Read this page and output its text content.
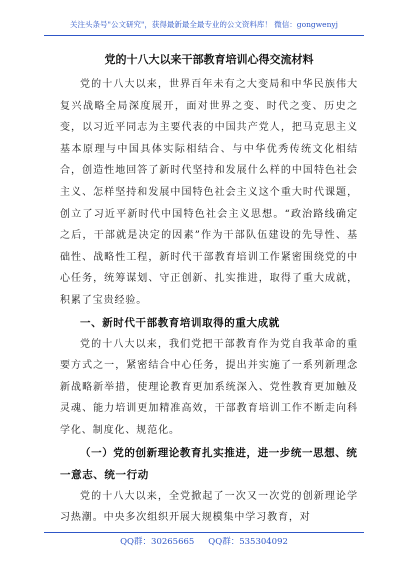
关注头条号"公文研究"，获得最新最全最专业的公文资料库！ 微信：gongwenyj
党的十八大以来干部教育培训心得交流材料

党的十八大以来，世界百年未有之大变局和中华民族伟大复兴战略全局深度展开，面对世界之变、时代之变、历史之变，以习近平同志为主要代表的中国共产党人，把马克思主义基本原理与中国具体实际相结合、与中华优秀传统文化相结合，创造性地回答了新时代坚持和发展什么样的中国特色社会主义、怎样坚持和发展中国特色社会主义这个重大时代课题，创立了习近平新时代中国特色社会主义思想。“政治路线确定之后，干部就是决定的因素”作为干部队伍建设的先导性、基础性、战略性工程，新时代干部教育培训工作紧密围绕党的中心任务，统筹谋划、守正创新、扎实推进，取得了重大成就，积累了宝贵经验。

一、新时代干部教育培训取得的重大成就

党的十八大以来，我们党把干部教育作为党自我革命的重要方式之一，紧密结合中心任务，提出并实施了一系列新理念新战略新举措，使理论教育更加系统深入、党性教育更加触及灵魂、能力培训更加精准高效，干部教育培训工作不断走向科学化、制度化、规范化。

（一）党的创新理论教育扎实推进，进一步统一思想、统一意志、统一行动

党的十八大以来，全党掀起了一次又一次党的创新理论学习热潮。中央多次组织开展大规模集中学习教育，对

QQ群：30265665 QQ群：535304092
